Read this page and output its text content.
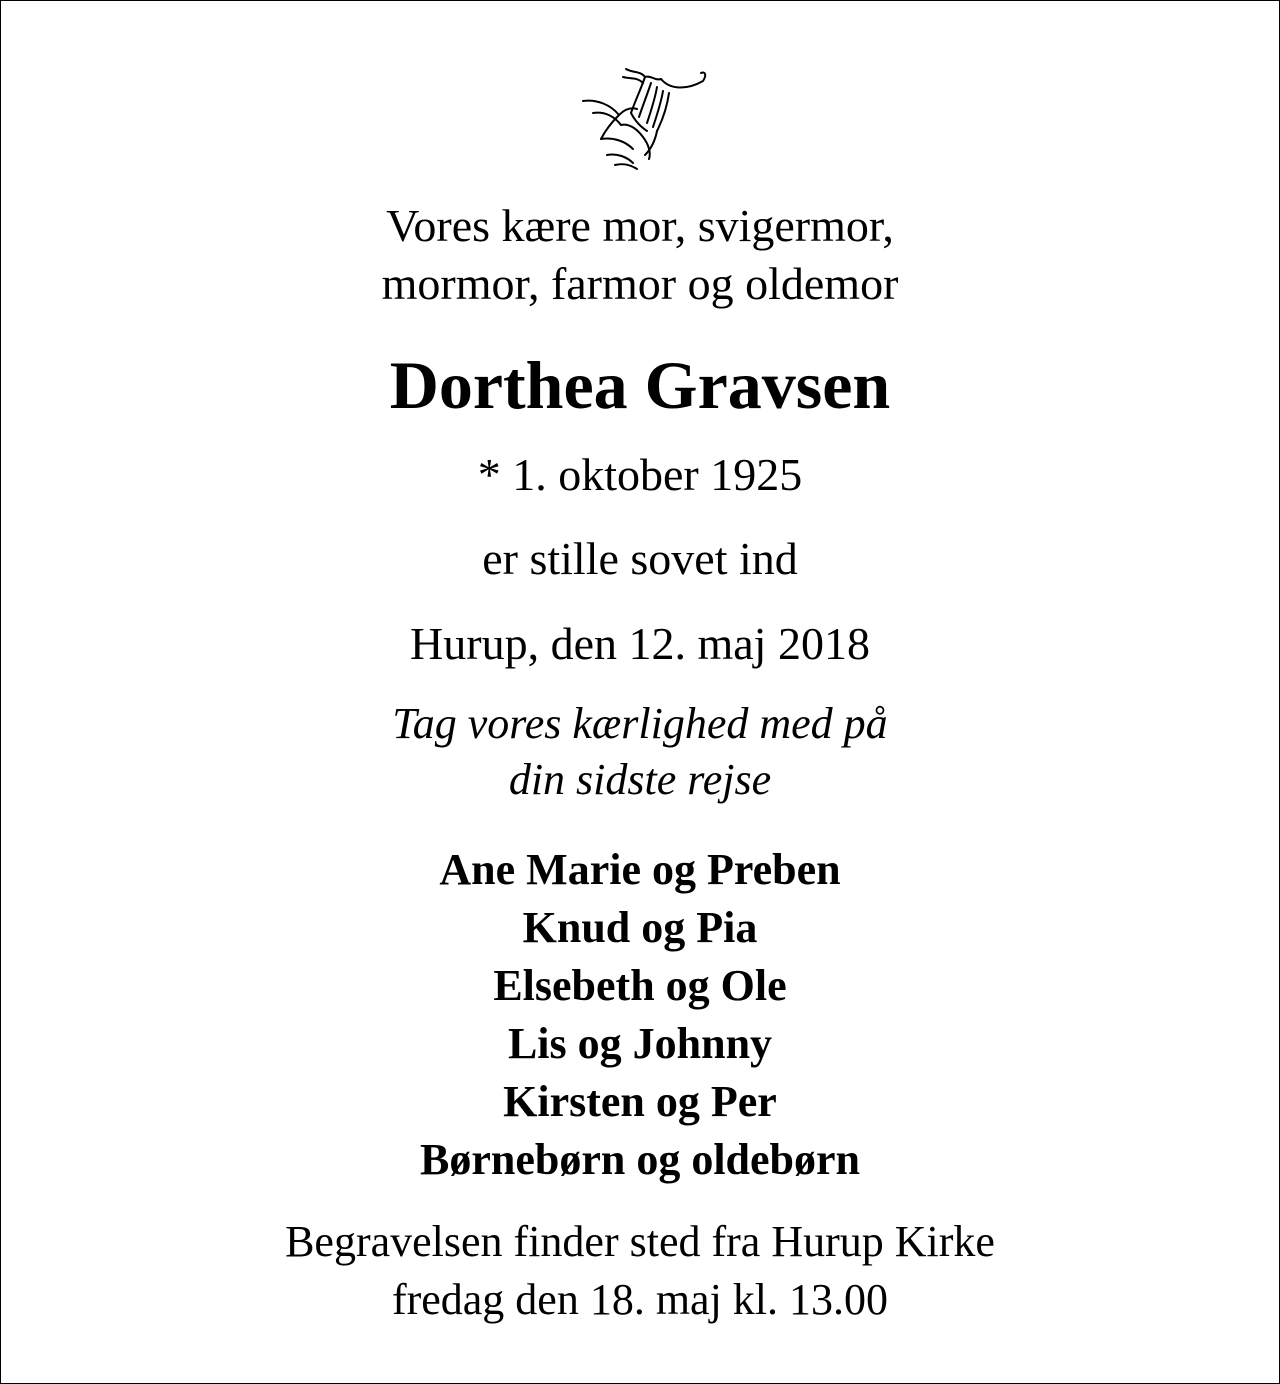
Vores kære mor, svigermor,
mormor, farmor og oldemor
Dorthea Gravsen
* 1. oktober 1925
er stille sovet ind
Hurup, den 12. maj 2018
Tag vores kærlighed med på
din sidste rejse
Ane Marie og Preben
Knud og Pia
Elsebeth og Ole
Lis og Johnny
Kirsten og Per
Børnebørn og oldebørn
Begravelsen finder sted fra Hurup Kirke
fredag den 18. maj kl. 13.00
